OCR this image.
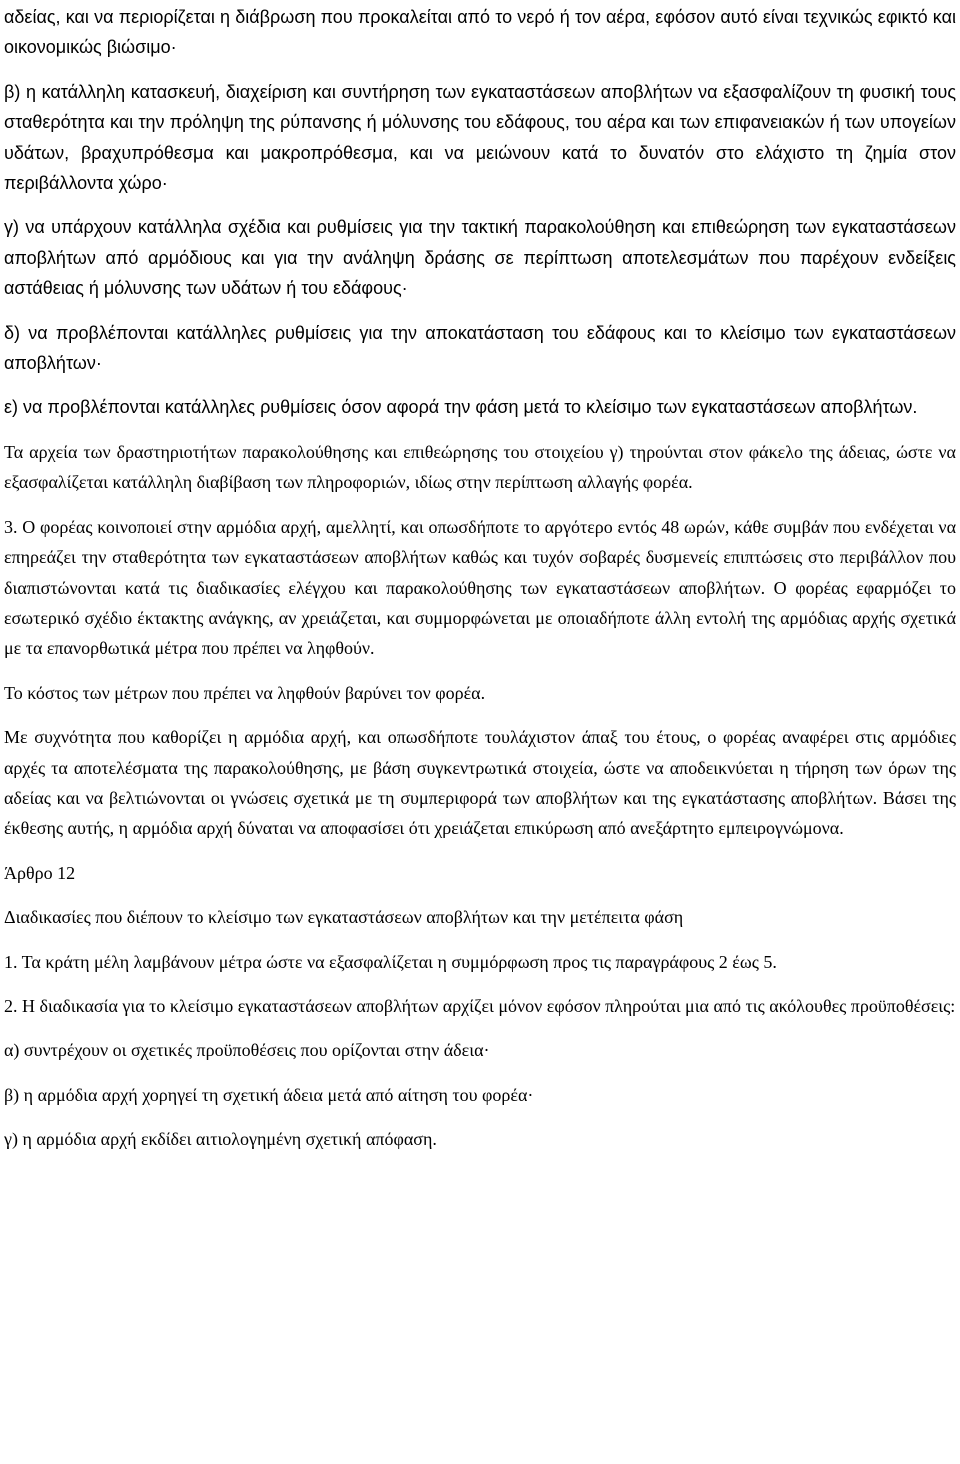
αδείας, και να περιορίζεται η διάβρωση που προκαλείται από το νερό ή τον αέρα, εφόσον αυτό είναι τεχνικώς εφικτό και οικονομικώς βιώσιμο·

β) η κατάλληλη κατασκευή, διαχείριση και συντήρηση των εγκαταστάσεων αποβλήτων να εξασφαλίζουν τη φυσική τους σταθερότητα και την πρόληψη της ρύπανσης ή μόλυνσης του εδάφους, του αέρα και των επιφανειακών ή των υπογείων υδάτων, βραχυπρόθεσμα και μακροπρόθεσμα, και να μειώνουν κατά το δυνατόν στο ελάχιστο τη ζημία στον περιβάλλοντα χώρο·

γ) να υπάρχουν κατάλληλα σχέδια και ρυθμίσεις για την τακτική παρακολούθηση και επιθεώρηση των εγκαταστάσεων αποβλήτων από αρμόδιους και για την ανάληψη δράσης σε περίπτωση αποτελεσμάτων που παρέχουν ενδείξεις αστάθειας ή μόλυνσης των υδάτων ή του εδάφους·

δ) να προβλέπονται κατάλληλες ρυθμίσεις για την αποκατάσταση του εδάφους και το κλείσιμο των εγκαταστάσεων αποβλήτων·

ε) να προβλέπονται κατάλληλες ρυθμίσεις όσον αφορά την φάση μετά το κλείσιμο των εγκαταστάσεων αποβλήτων.

Τα αρχεία των δραστηριοτήτων παρακολούθησης και επιθεώρησης του στοιχείου γ) τηρούνται στον φάκελο της άδειας, ώστε να εξασφαλίζεται κατάλληλη διαβίβαση των πληροφοριών, ιδίως στην περίπτωση αλλαγής φορέα.

3. Ο φορέας κοινοποιεί στην αρμόδια αρχή, αμελλητί, και οπωσδήποτε το αργότερο εντός 48 ωρών, κάθε συμβάν που ενδέχεται να επηρεάζει την σταθερότητα των εγκαταστάσεων αποβλήτων καθώς και τυχόν σοβαρές δυσμενείς επιπτώσεις στο περιβάλλον που διαπιστώνονται κατά τις διαδικασίες ελέγχου και παρακολούθησης των εγκαταστάσεων αποβλήτων. Ο φορέας εφαρμόζει το εσωτερικό σχέδιο έκτακτης ανάγκης, αν χρειάζεται, και συμμορφώνεται με οποιαδήποτε άλλη εντολή της αρμόδιας αρχής σχετικά με τα επανορθωτικά μέτρα που πρέπει να ληφθούν.

Το κόστος των μέτρων που πρέπει να ληφθούν βαρύνει τον φορέα.

Με συχνότητα που καθορίζει η αρμόδια αρχή, και οπωσδήποτε τουλάχιστον άπαξ του έτους, ο φορέας αναφέρει στις αρμόδιες αρχές τα αποτελέσματα της παρακολούθησης, με βάση συγκεντρωτικά στοιχεία, ώστε να αποδεικνύεται η τήρηση των όρων της αδείας και να βελτιώνονται οι γνώσεις σχετικά με τη συμπεριφορά των αποβλήτων και της εγκατάστασης αποβλήτων. Βάσει της έκθεσης αυτής, η αρμόδια αρχή δύναται να αποφασίσει ότι χρειάζεται επικύρωση από ανεξάρτητο εμπειρογνώμονα.

Άρθρο 12

Διαδικασίες που διέπουν το κλείσιμο των εγκαταστάσεων αποβλήτων και την μετέπειτα φάση

1. Τα κράτη μέλη λαμβάνουν μέτρα ώστε να εξασφαλίζεται η συμμόρφωση προς τις παραγράφους 2 έως 5.

2. Η διαδικασία για το κλείσιμο εγκαταστάσεων αποβλήτων αρχίζει μόνον εφόσον πληρούται μια από τις ακόλουθες προϋποθέσεις:

α) συντρέχουν οι σχετικές προϋποθέσεις που ορίζονται στην άδεια·

β) η αρμόδια αρχή χορηγεί τη σχετική άδεια μετά από αίτηση του φορέα·

γ) η αρμόδια αρχή εκδίδει αιτιολογημένη σχετική απόφαση.
